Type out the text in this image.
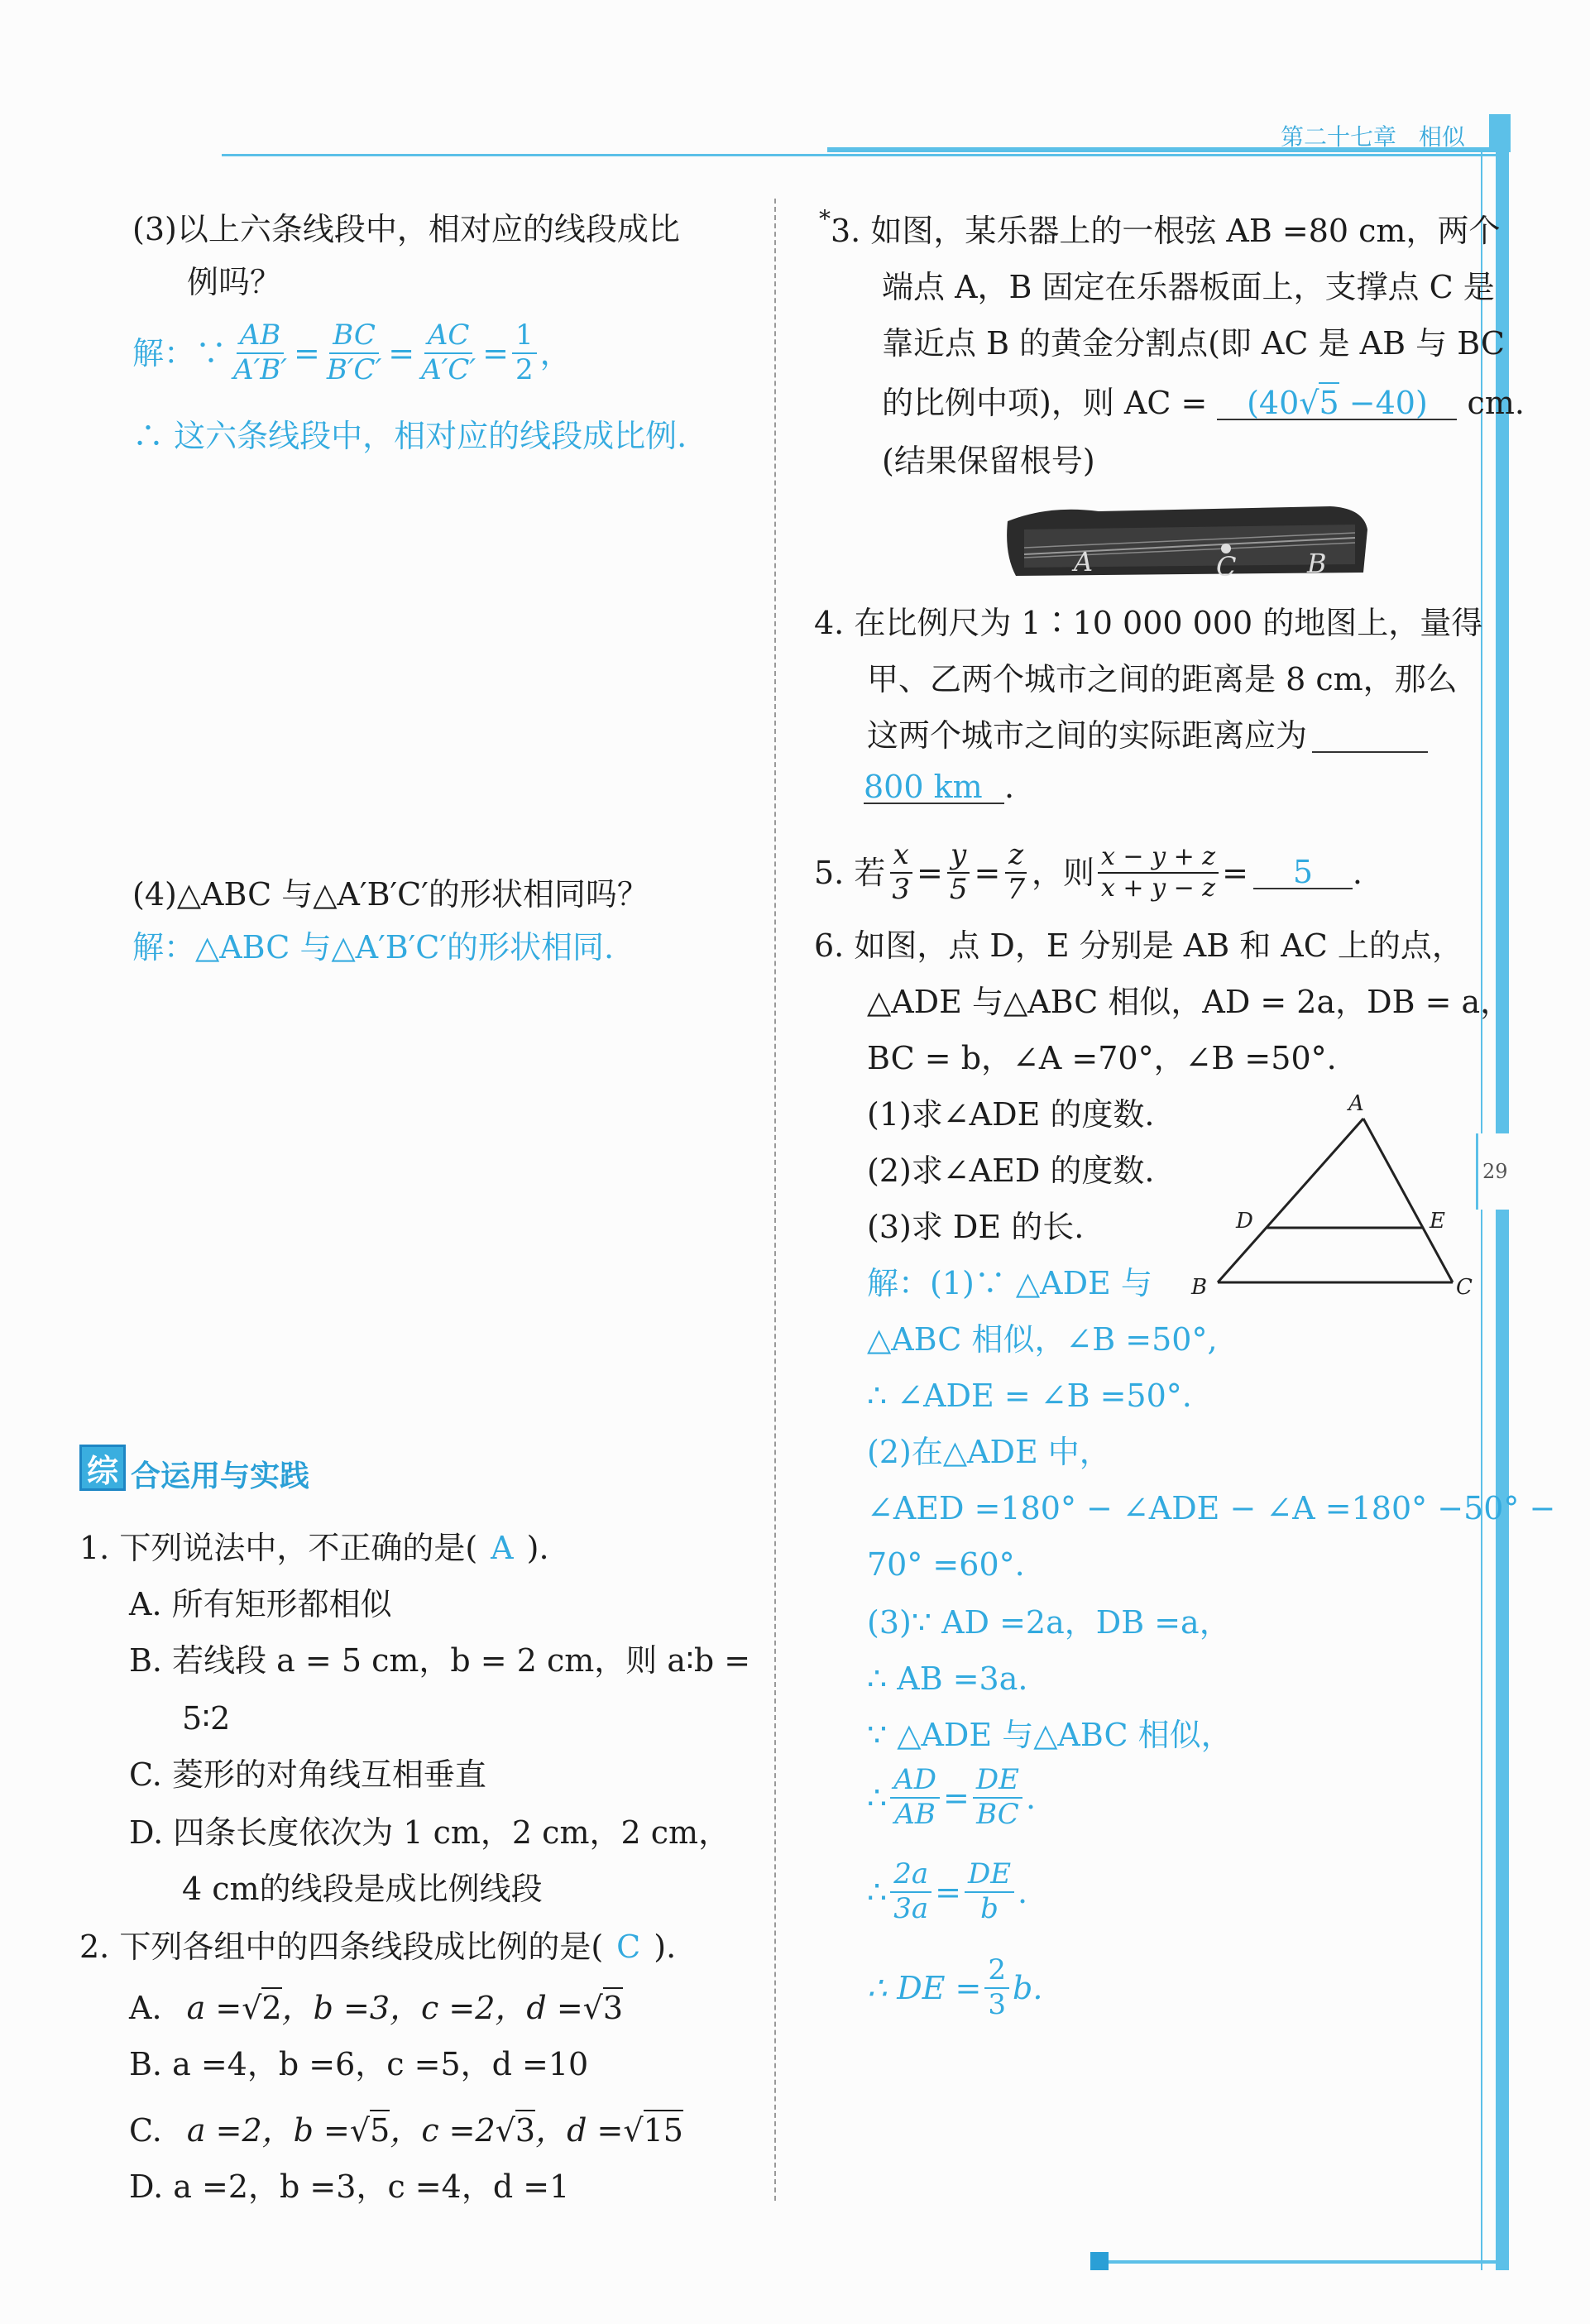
第二十七章 相似
29
(3)以上六条线段中，相对应的线段成比
例吗？
解：∵ $\frac{AB}{A'B'} = \frac{BC}{B'C'} = \frac{AC}{A'C'} = \frac{1}{2}$ ，
∴ 这六条线段中，相对应的线段成比例.
(4)△ABC 与△A′B′C′的形状相同吗？
解：△ABC 与△A′B′C′的形状相同.
综 合运用与实践
1. 下列说法中，不正确的是( A ).
A. 所有矩形都相似
B. 若线段 a = 5 cm，b = 2 cm，则 a∶b =
5∶2
C. 菱形的对角线互相垂直
D. 四条长度依次为 1 cm，2 cm，2 cm，
4 cm的线段是成比例线段
2. 下列各组中的四条线段成比例的是( C ).
A. a =√2，b =3，c =2，d =√3
B. a =4，b =6，c =5，d =10
C. a =2，b =√5，c =2√3，d =√15
D. a =2，b =3，c =4，d =1
* 3. 如图，某乐器上的一根弦 AB =80 cm，两个
端点 A，B 固定在乐器板面上，支撑点 C 是
靠近点 B 的黄金分割点(即 AC 是 AB 与 BC
的比例中项)，则 AC = (40√5 −40) cm.
(结果保留根号)
A	C	B
4. 在比例尺为 1∶10 000 000 的地图上，量得
甲、乙两个城市之间的距离是 8 cm，那么
这两个城市之间的实际距离应为
800 km .
5. 若 $\frac{x}{3} = \frac{y}{5} = \frac{z}{7}$ ，则 $\frac{x - y + z}{x + y - z}$ =	5	.
6. 如图，点 D，E 分别是 AB 和 AC 上的点，
△ADE 与△ABC 相似，AD = 2a，DB = a，
BC = b，∠A =70°，∠B =50°.
(1)求∠ADE 的度数.
(2)求∠AED 的度数.
(3)求 DE 的长.
A
B	C
D	E
解：(1)∵ △ADE 与
△ABC 相似，∠B =50°,
∴ ∠ADE = ∠B =50°.
(2)在△ADE 中，
∠AED =180° − ∠ADE − ∠A =180° −50° −
70° =60°.
(3)∵ AD =2a，DB =a，
∴ AB =3a.
∵ △ADE 与△ABC 相似，
∴ $\frac{AD}{AB} = \frac{DE}{BC}$ .
∴ $\frac{2a}{3a} = \frac{DE}{b}$ .
∴ DE = $\frac{2}{3} b$.
